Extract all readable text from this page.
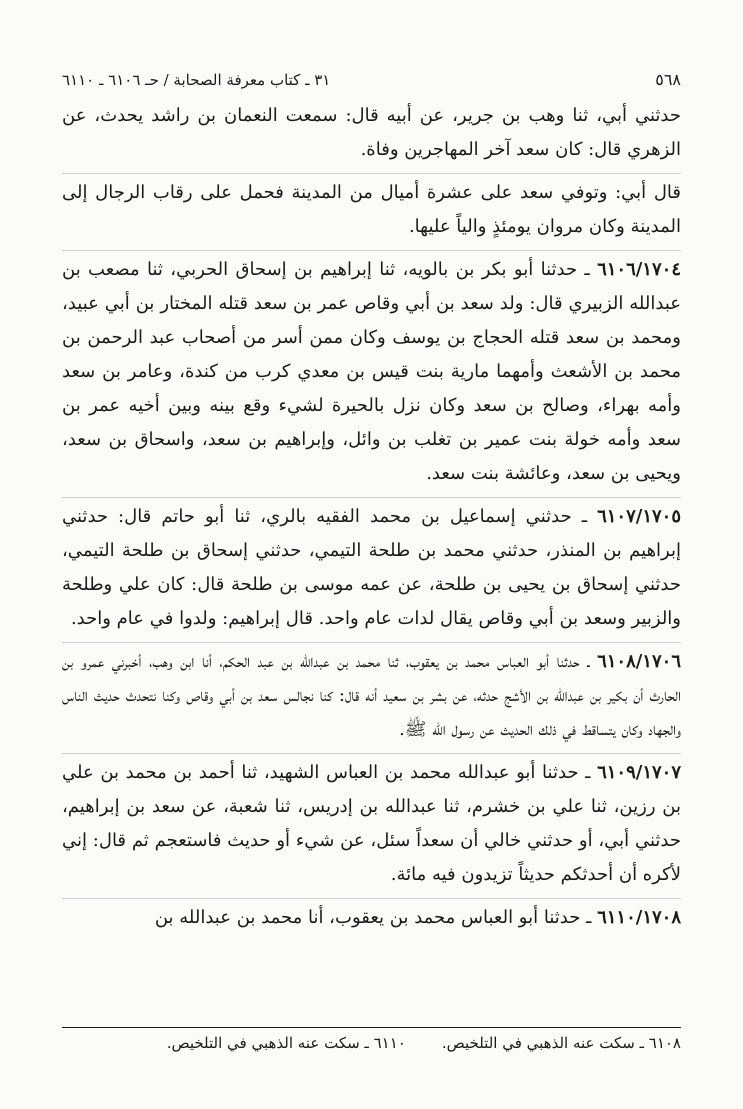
٥٦٨
٣١ ـ كتاب معرفة الصحابة / حـ ٦١٠٦ ـ ٦١١٠

حدثني أبي، ثنا وهب بن جرير، عن أبيه قال: سمعت النعمان بن راشد يحدث، عن الزهري قال: كان سعد آخر المهاجرين وفاة.

قال أبي: وتوفي سعد على عشرة أميال من المدينة فحمل على رقاب الرجال إلى المدينة وكان مروان يومئذٍ والياً عليها.

٦١٠٦/١٧٠٤ ـ حدثنا أبو بكر بن بالويه، ثنا إبراهيم بن إسحاق الحربي، ثنا مصعب بن عبدالله الزبيري قال: ولد سعد بن أبي وقاص عمر بن سعد قتله المختار بن أبي عبيد، ومحمد بن سعد قتله الحجاج بن يوسف وكان ممن أسر من أصحاب عبد الرحمن بن محمد بن الأشعث وأمهما مارية بنت قيس بن معدي كرب من كندة، وعامر بن سعد وأمه بهراء، وصالح بن سعد وكان نزل بالحيرة لشيء وقع بينه وبين أخيه عمر بن سعد وأمه خولة بنت عمير بن تغلب بن وائل، وإبراهيم بن سعد، واسحاق بن سعد، ويحيى بن سعد، وعائشة بنت سعد.

٦١٠٧/١٧٠٥ ـ حدثني إسماعيل بن محمد الفقيه بالري، ثنا أبو حاتم قال: حدثني إبراهيم بن المنذر، حدثني محمد بن طلحة التيمي، حدثني إسحاق بن طلحة التيمي، حدثني إسحاق بن يحيى بن طلحة، عن عمه موسى بن طلحة قال: كان علي وطلحة والزبير وسعد بن أبي وقاص يقال لدات عام واحد. قال إبراهيم: ولدوا في عام واحد.

٦١٠٨/١٧٠٦ ـ حدثنا أبو العباس محمد بن يعقوب، ثنا محمد بن عبدالله بن عبد الحكم، أنا ابن وهب، أخبرني عمرو بن الحارث أن بكير بن عبدالله بن الأشج حدثه، عن بشر بن سعيد أنه قال: كنا نجالس سعد بن أبي وقاص وكنا نتحدث حديث الناس والجهاد وكان يتساقط في ذلك الحديث عن رسول الله ﷺ.

٦١٠٩/١٧٠٧ ـ حدثنا أبو عبدالله محمد بن العباس الشهيد، ثنا أحمد بن محمد بن علي بن رزين، ثنا علي بن خشرم، ثنا عبدالله بن إدريس، ثنا شعبة، عن سعد بن إبراهيم، حدثني أبي، أو حدثني خالي أن سعداً سئل، عن شيء أو حديث فاستعجم ثم قال: إني لأكره أن أحدثكم حديثاً تزيدون فيه مائة.

٦١١٠/١٧٠٨ ـ حدثنا أبو العباس محمد بن يعقوب، أنا محمد بن عبدالله بن

٦١٠٨ ـ سكت عنه الذهبي في التلخيص.
٦١١٠ ـ سكت عنه الذهبي في التلخيص.
